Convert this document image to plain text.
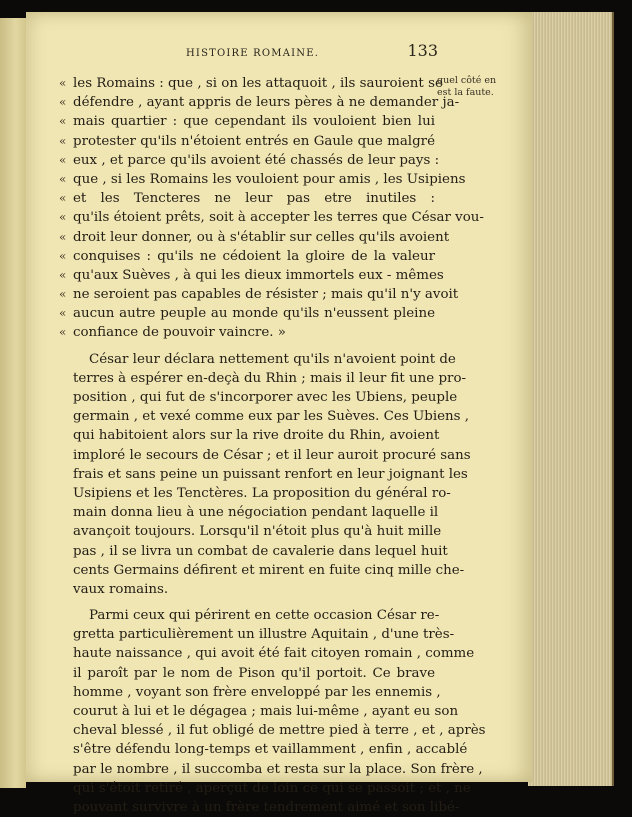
HISTOIRE ROMAINE.	133
quel côté en est la faute.
« les Romains : que , si on les attaquoit , ils sauroient se
« défendre , ayant appris de leurs pères à ne demander ja-
« mais quartier : que cependant ils vouloient bien lui
« protester qu'ils n'étoient entrés en Gaule que malgré
« eux , et parce qu'ils avoient été chassés de leur pays :
« que , si les Romains les vouloient pour amis , les Usipiens
« et les Tencteres ne leur pas etre inutiles :
« qu'ils étoient prêts, soit à accepter les terres que César vou-
« droit leur donner, ou à s'établir sur celles qu'ils avoient
« conquises : qu'ils ne cédoient la gloire de la valeur
« qu'aux Suèves , à qui les dieux immortels eux - mêmes
« ne seroient pas capables de résister ; mais qu'il n'y avoit
« aucun autre peuple au monde qu'ils n'eussent pleine
« confiance de pouvoir vaincre. »
César leur déclara nettement qu'ils n'avoient point de
terres à espérer en-deçà du Rhin ; mais il leur fit une pro-
position , qui fut de s'incorporer avec les Ubiens, peuple
germain , et vexé comme eux par les Suèves. Ces Ubiens ,
qui habitoient alors sur la rive droite du Rhin, avoient
imploré le secours de César ; et il leur auroit procuré sans
frais et sans peine un puissant renfort en leur joignant les
Usipiens et les Tenctères. La proposition du général ro-
main donna lieu à une négociation pendant laquelle il
avançoit toujours. Lorsqu'il n'étoit plus qu'à huit mille
pas , il se livra un combat de cavalerie dans lequel huit
cents Germains défirent et mirent en fuite cinq mille che-
vaux romains.
Parmi ceux qui périrent en cette occasion César re-
gretta particulièrement un illustre Aquitain , d'une très-
haute naissance , qui avoit été fait citoyen romain , comme
il paroît par le nom de Pison qu'il portoit. Ce brave
homme , voyant son frère enveloppé par les ennemis ,
courut à lui et le dégagea ; mais lui-même , ayant eu son
cheval blessé , il fut obligé de mettre pied à terre , et , après
s'être défendu long-temps et vaillamment , enfin , accablé
par le nombre , il succomba et resta sur la place. Son frère ,
qui s'étoit retiré , aperçut de loin ce qui se passoit ; et , ne
pouvant survivre à un frère tendrement aimé et son libé-
